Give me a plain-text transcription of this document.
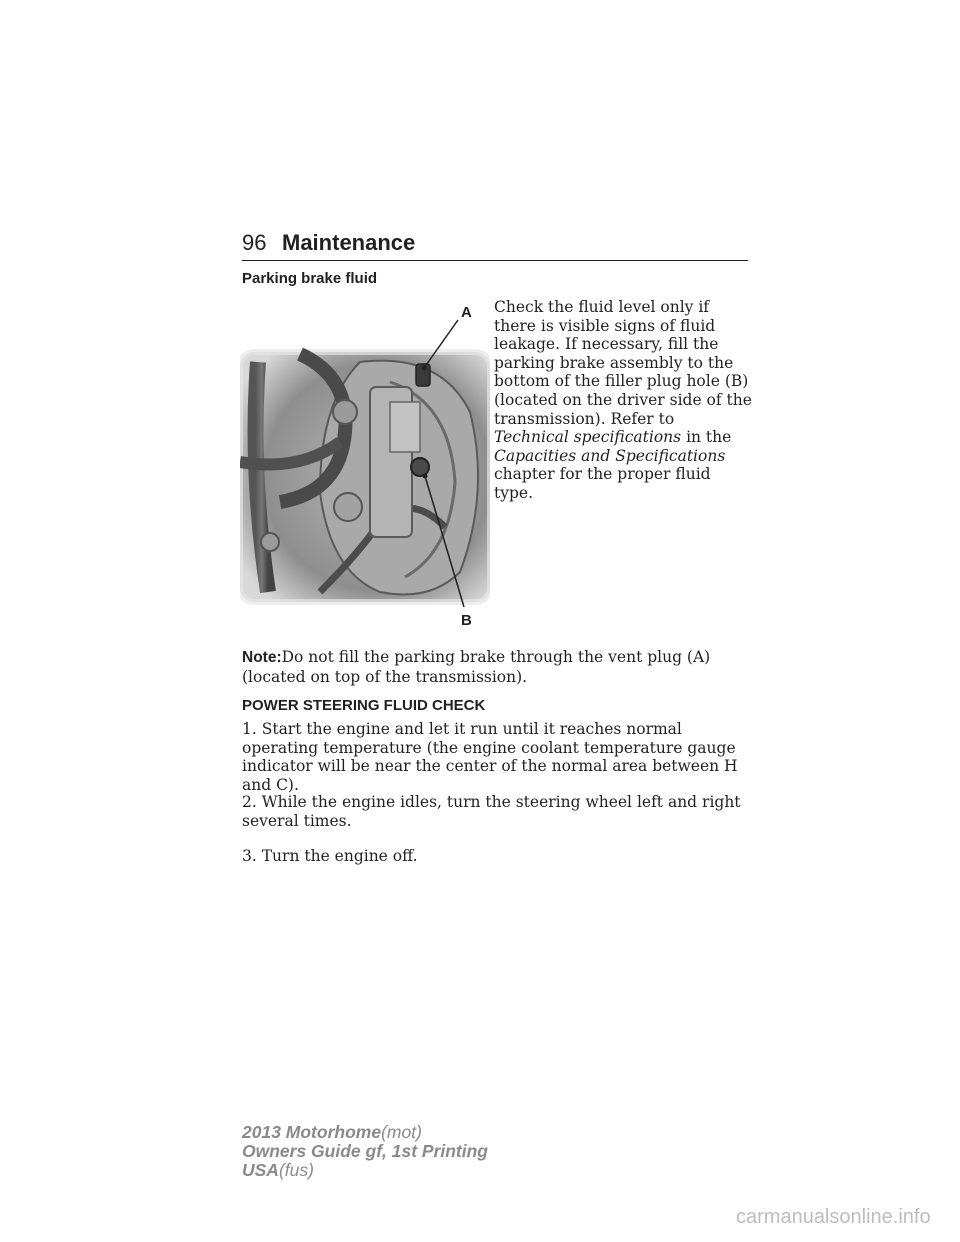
96 Maintenance
Parking brake fluid
A
B

Check the fluid level only if there is visible signs of fluid leakage. If necessary, fill the parking brake assembly to the bottom of the filler plug hole (B) (located on the driver side of the transmission). Refer to
Technical specifications in the
Capacities and Specifications
chapter for the proper fluid type.

Note:Do not fill the parking brake through the vent plug (A) (located on top of the transmission).

POWER STEERING FLUID CHECK

1. Start the engine and let it run until it reaches normal operating temperature (the engine coolant temperature gauge indicator will be near the center of the normal area between H and C).

2. While the engine idles, turn the steering wheel left and right several times.

3. Turn the engine off.

2013 Motorhome(mot)
Owners Guide gf, 1st Printing
USA(fus)
carmanualsonline.info
